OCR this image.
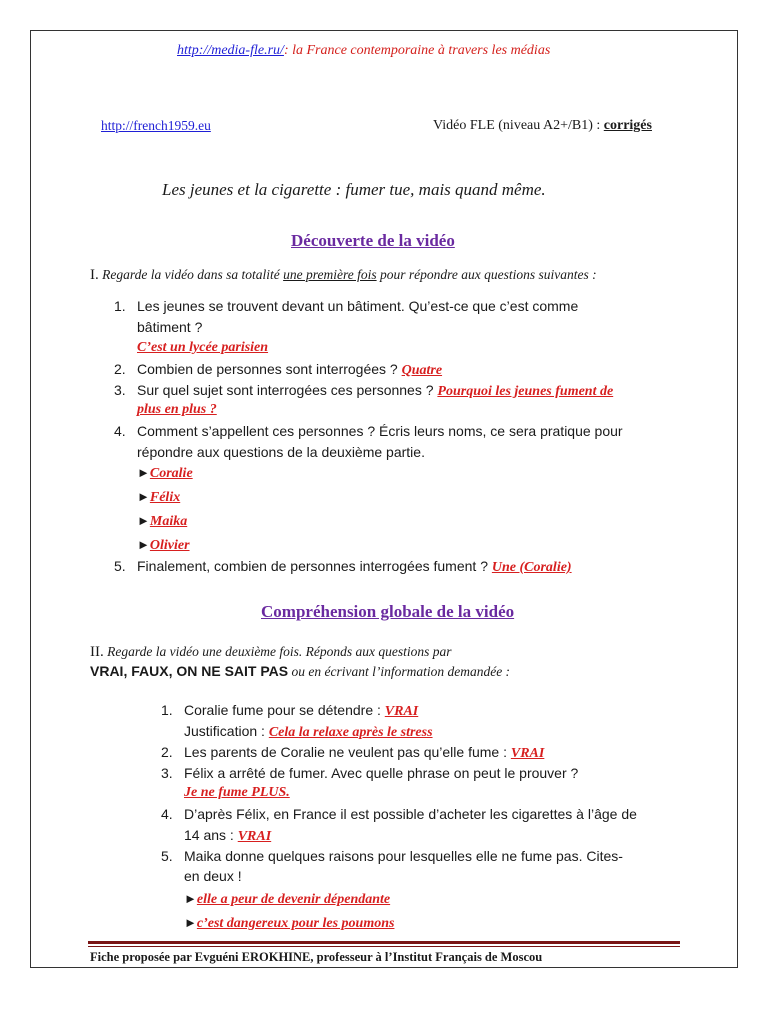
http://media-fle.ru/: la France contemporaine à travers les médias
http://french1959.eu	Vidéo FLE (niveau A2+/B1) : corrigés
Les jeunes et la cigarette : fumer tue, mais quand même.
Découverte de la vidéo
I. Regarde la vidéo dans sa totalité une première fois pour répondre aux questions suivantes :
1. Les jeunes se trouvent devant un bâtiment. Qu’est-ce que c’est comme
bâtiment ?
C’est un lycée parisien
2. Combien de personnes sont interrogées ? Quatre
3. Sur quel sujet sont interrogées ces personnes ? Pourquoi les jeunes fument de
plus en plus ?
4. Comment s’appellent ces personnes ? Écris leurs noms, ce sera pratique pour
répondre aux questions de la deuxième partie.
►Coralie
►Félix
►Maika
►Olivier
5. Finalement, combien de personnes interrogées fument ? Une (Coralie)
Compréhension globale de la vidéo
II. Regarde la vidéo une deuxième fois. Réponds aux questions par
VRAI, FAUX, ON NE SAIT PAS ou en écrivant l’information demandée :
1. Coralie fume pour se détendre : VRAI
Justification : Cela la relaxe après le stress
2. Les parents de Coralie ne veulent pas qu’elle fume : VRAI
3. Félix a arrêté de fumer. Avec quelle phrase on peut le prouver ?
Je ne fume PLUS.
4. D’après Félix, en France il est possible d’acheter les cigarettes à l’âge de
14 ans : VRAI
5. Maika donne quelques raisons pour lesquelles elle ne fume pas. Cites-
en deux !
►elle a peur de devenir dépendante
►c’est dangereux pour les poumons
Fiche proposée par Evguéni EROKHINE, professeur à l’Institut Français de Moscou
